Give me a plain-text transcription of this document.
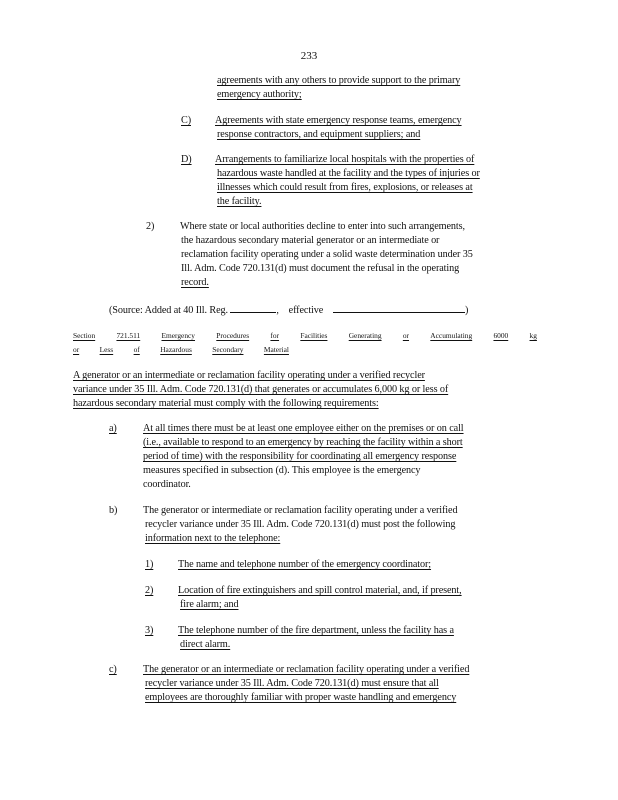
233
agreements with any others to provide support to the primary
emergency authority;
C) Agreements with state emergency response teams, emergency
response contractors, and equipment suppliers; and
D) Arrangements to familiarize local hospitals with the properties of
hazardous waste handled at the facility and the types of injuries or
illnesses which could result from fires, explosions, or releases at
the facility.
2)	Where state or local authorities decline to enter into such arrangements,
the hazardous secondary material generator or an intermediate or
reclamation facility operating under a solid waste determination under 35
Ill. Adm. Code 720.131(d) must document the refusal in the operating
record.
(Source: Added at 40 Ill. Reg.	, effective	)
Section	721.511	Emergency	Procedures	for	Facilities	Generating	or	Accumulating	6000	kg
or	Less	of	Hazardous	Secondary	Material
A generator or an intermediate or reclamation facility operating under a verified recycler
variance under 35 Ill. Adm. Code 720.131(d) that generates or accumulates 6,000 kg or less of
hazardous secondary material must comply with the following requirements:
a)	At all times there must be at least one employee either on the premises or on call
(i.e., available to respond to an emergency by reaching the facility within a short
period of time) with the responsibility for coordinating all emergency response
measures specified in subsection (d). This employee is the emergency
coordinator.
b)	The generator or intermediate or reclamation facility operating under a verified
recycler variance under 35 Ill. Adm. Code 720.131(d) must post the following
information next to the telephone:
1) The name and telephone number of the emergency coordinator;
2) Location of fire extinguishers and spill control material, and, if present,
fire alarm; and
3) The telephone number of the fire department, unless the facility has a
direct alarm.
c)	The generator or an intermediate or reclamation facility operating under a verified
recycler variance under 35 Ill. Adm. Code 720.131(d) must ensure that all
employees are thoroughly familiar with proper waste handling and emergency
